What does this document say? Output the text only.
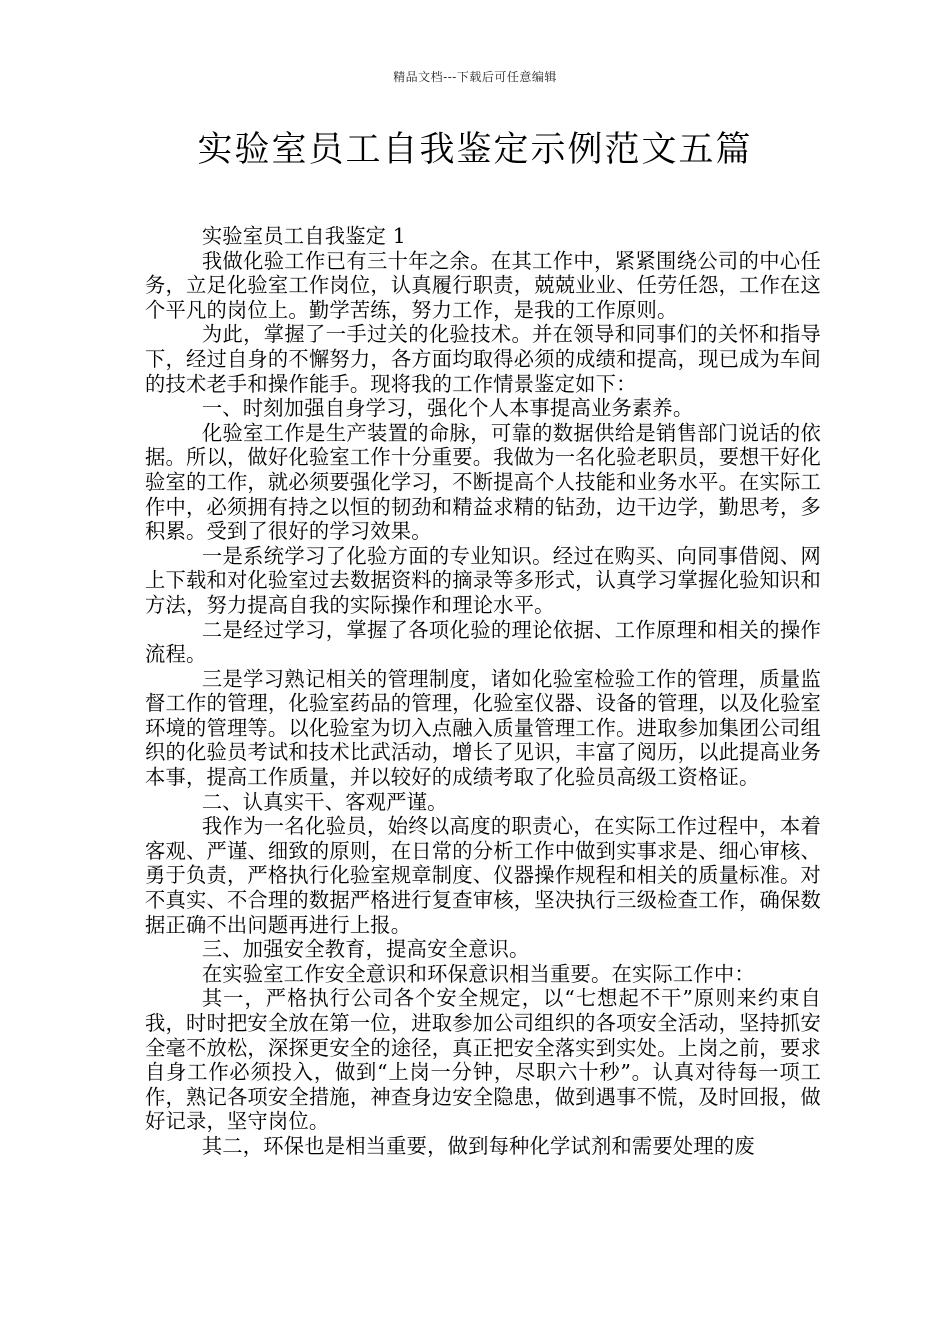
精品文档---下载后可任意编辑
实验室员工自我鉴定示例范文五篇

实验室员工自我鉴定 1

我做化验工作已有三十年之余。在其工作中，紧紧围绕公司的中心任务，立足化验室工作岗位，认真履行职责，兢兢业业、任劳任怨，工作在这个平凡的岗位上。勤学苦练，努力工作，是我的工作原则。

为此，掌握了一手过关的化验技术。并在领导和同事们的关怀和指导下，经过自身的不懈努力，各方面均取得必须的成绩和提高，现已成为车间的技术老手和操作能手。现将我的工作情景鉴定如下：

一、时刻加强自身学习，强化个人本事提高业务素养。

化验室工作是生产装置的命脉，可靠的数据供给是销售部门说话的依据。所以，做好化验室工作十分重要。我做为一名化验老职员，要想干好化验室的工作，就必须要强化学习，不断提高个人技能和业务水平。在实际工作中，必须拥有持之以恒的韧劲和精益求精的钻劲，边干边学，勤思考，多积累。受到了很好的学习效果。

一是系统学习了化验方面的专业知识。经过在购买、向同事借阅、网上下载和对化验室过去数据资料的摘录等多形式，认真学习掌握化验知识和方法，努力提高自我的实际操作和理论水平。

二是经过学习，掌握了各项化验的理论依据、工作原理和相关的操作流程。

三是学习熟记相关的管理制度，诸如化验室检验工作的管理，质量监督工作的管理，化验室药品的管理，化验室仪器、设备的管理，以及化验室环境的管理等。以化验室为切入点融入质量管理工作。进取参加集团公司组织的化验员考试和技术比武活动，增长了见识，丰富了阅历，以此提高业务本事，提高工作质量，并以较好的成绩考取了化验员高级工资格证。

二、认真实干、客观严谨。

我作为一名化验员，始终以高度的职责心，在实际工作过程中，本着客观、严谨、细致的原则，在日常的分析工作中做到实事求是、细心审核、勇于负责，严格执行化验室规章制度、仪器操作规程和相关的质量标准。对不真实、不合理的数据严格进行复查审核，坚决执行三级检查工作，确保数据正确不出问题再进行上报。

三、加强安全教育，提高安全意识。

在实验室工作安全意识和环保意识相当重要。在实际工作中：

其一，严格执行公司各个安全规定，以“七想起不干”原则来约束自我，时时把安全放在第一位，进取参加公司组织的各项安全活动，坚持抓安全毫不放松，深探更安全的途径，真正把安全落实到实处。上岗之前，要求自身工作必须投入，做到“上岗一分钟，尽职六十秒”。认真对待每一项工作，熟记各项安全措施，神查身边安全隐患，做到遇事不慌，及时回报，做好记录，坚守岗位。

其二，环保也是相当重要，做到每种化学试剂和需要处理的废
